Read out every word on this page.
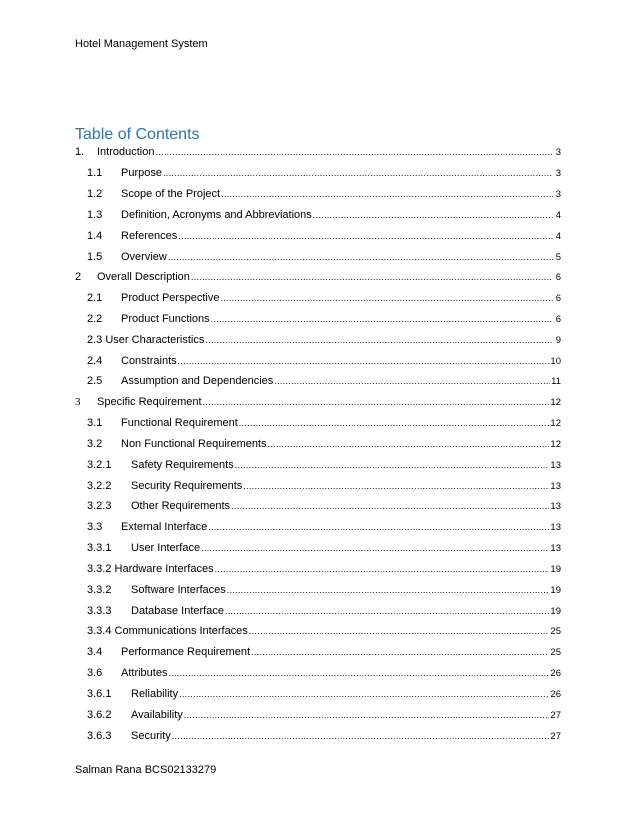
Hotel Management System
Table of Contents
1.	Introduction .....	3
1.1	Purpose .....	3
1.2	Scope of the Project .....	3
1.3	Definition, Acronyms and Abbreviations .....	4
1.4	References .....	4
1.5	Overview .....	5
2	Overall Description .....	6
2.1	Product Perspective .....	6
2.2	Product Functions .....	6
2.3 User Characteristics .....	9
2.4	Constraints .....	10
2.5	Assumption and Dependencies .....	11
3	Specific Requirement .....	12
3.1	Functional Requirement .....	12
3.2	Non Functional Requirements .....	12
3.2.1	Safety Requirements .....	13
3.2.2	Security Requirements .....	13
3.2.3	Other Requirements .....	13
3.3	External Interface .....	13
3.3.1	User Interface .....	13
3.3.2 Hardware Interfaces .....	19
3.3.2	Software Interfaces .....	19
3.3.3	Database Interface .....	19
3.3.4 Communications Interfaces .....	25
3.4	Performance Requirement .....	25
3.6	Attributes .....	26
3.6.1	Reliability .....	26
3.6.2	Availability .....	27
3.6.3	Security .....	27
Salman Rana BCS02133279
